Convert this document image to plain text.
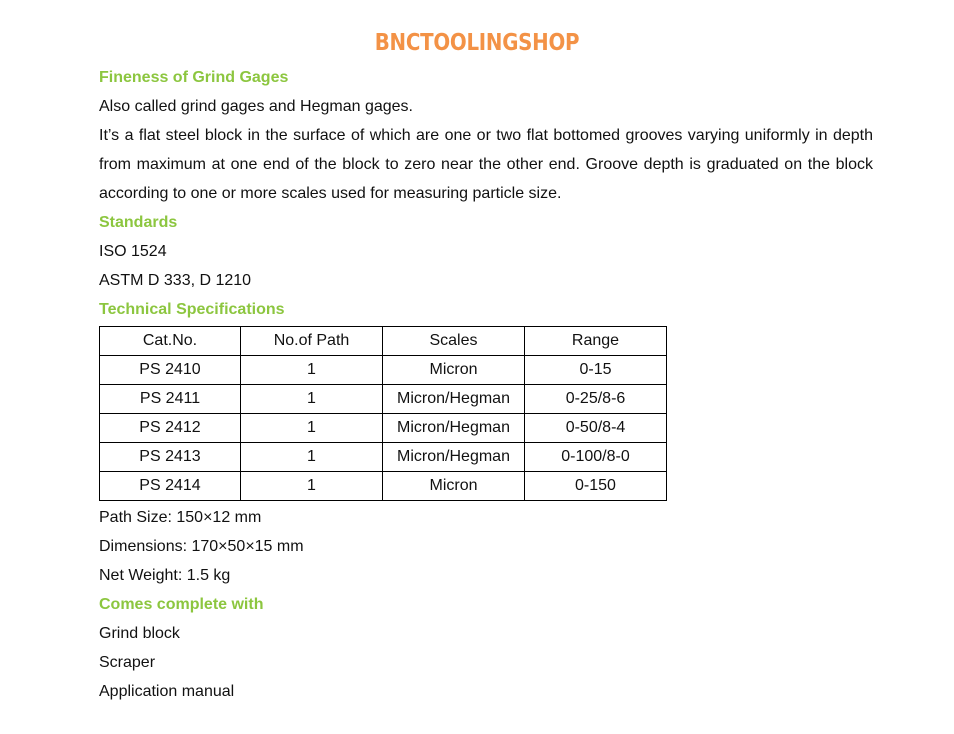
BNCTOOLINGSHOP
Fineness of Grind Gages
Also called grind gages and Hegman gages.
It’s a flat steel block in the surface of which are one or two flat bottomed grooves varying uniformly in depth from maximum at one end of the block to zero near the other end. Groove depth is graduated on the block according to one or more scales used for measuring particle size.
Standards
ISO 1524
ASTM D 333, D 1210
Technical Specifications
Cat.No.	No.of Path	Scales	Range
PS 2410	1	Micron	0-15
PS 2411	1	Micron/Hegman	0-25/8-6
PS 2412	1	Micron/Hegman	0-50/8-4
PS 2413	1	Micron/Hegman	0-100/8-0
PS 2414	1	Micron	0-150
Path Size: 150×12 mm
Dimensions: 170×50×15 mm
Net Weight: 1.5 kg
Comes complete with
Grind block
Scraper
Application manual
